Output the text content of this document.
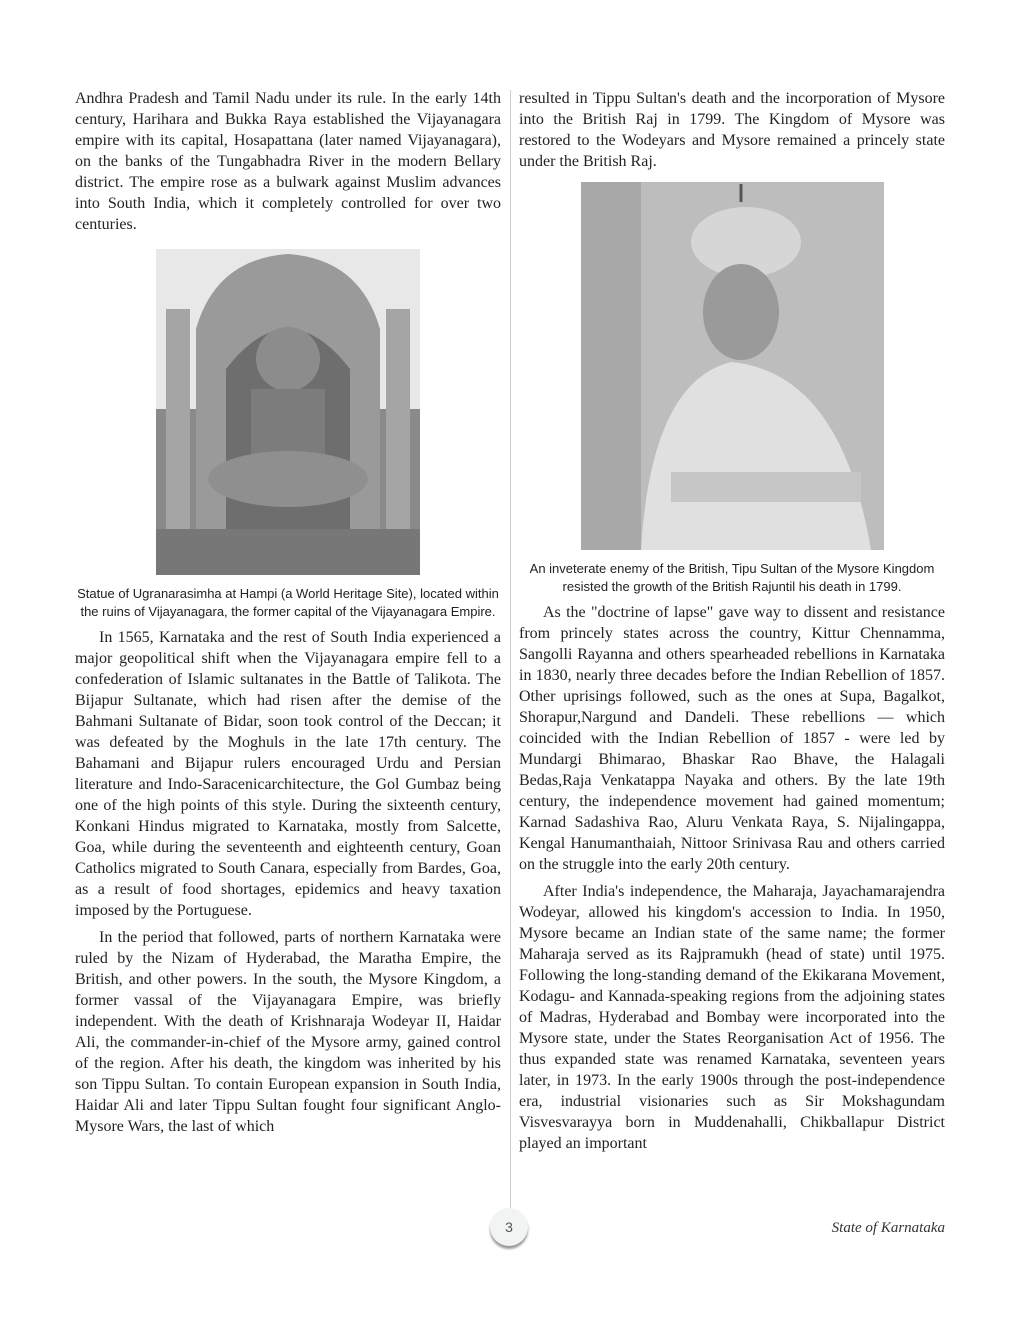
Andhra Pradesh and Tamil Nadu under its rule. In the early 14th century, Harihara and Bukka Raya established the Vijayanagara empire with its capital, Hosapattana (later named Vijayanagara), on the banks of the Tungabhadra River in the modern Bellary district. The empire rose as a bulwark against Muslim advances into South India, which it completely controlled for over two centuries.

Statue of Ugranarasimha at Hampi (a World Heritage Site), located within the ruins of Vijayanagara, the former capital of the Vijayanagara Empire.

In 1565, Karnataka and the rest of South India experienced a major geopolitical shift when the Vijayanagara empire fell to a confederation of Islamic sultanates in the Battle of Talikota. The Bijapur Sultanate, which had risen after the demise of the Bahmani Sultanate of Bidar, soon took control of the Deccan; it was defeated by the Moghuls in the late 17th century. The Bahamani and Bijapur rulers encouraged Urdu and Persian literature and Indo-Saracenicarchitecture, the Gol Gumbaz being one of the high points of this style. During the sixteenth century, Konkani Hindus migrated to Karnataka, mostly from Salcette, Goa, while during the seventeenth and eighteenth century, Goan Catholics migrated to South Canara, especially from Bardes, Goa, as a result of food shortages, epidemics and heavy taxation imposed by the Portuguese.

In the period that followed, parts of northern Karnataka were ruled by the Nizam of Hyderabad, the Maratha Empire, the British, and other powers. In the south, the Mysore Kingdom, a former vassal of the Vijayanagara Empire, was briefly independent. With the death of Krishnaraja Wodeyar II, Haidar Ali, the commander-in-chief of the Mysore army, gained control of the region. After his death, the kingdom was inherited by his son Tippu Sultan. To contain European expansion in South India, Haidar Ali and later Tippu Sultan fought four significant Anglo-Mysore Wars, the last of which

resulted in Tippu Sultan's death and the incorporation of Mysore into the British Raj in 1799. The Kingdom of Mysore was restored to the Wodeyars and Mysore remained a princely state under the British Raj.

An inveterate enemy of the British, Tipu Sultan of the Mysore Kingdom resisted the growth of the British Rajuntil his death in 1799.

As the "doctrine of lapse" gave way to dissent and resistance from princely states across the country, Kittur Chennamma, Sangolli Rayanna and others spearheaded rebellions in Karnataka in 1830, nearly three decades before the Indian Rebellion of 1857. Other uprisings followed, such as the ones at Supa, Bagalkot, Shorapur,Nargund and Dandeli. These rebellions — which coincided with the Indian Rebellion of 1857 - were led by Mundargi Bhimarao, Bhaskar Rao Bhave, the Halagali Bedas,Raja Venkatappa Nayaka and others. By the late 19th century, the independence movement had gained momentum; Karnad Sadashiva Rao, Aluru Venkata Raya, S. Nijalingappa, Kengal Hanumanthaiah, Nittoor Srinivasa Rau and others carried on the struggle into the early 20th century.

After India's independence, the Maharaja, Jayachamarajendra Wodeyar, allowed his kingdom's accession to India. In 1950, Mysore became an Indian state of the same name; the former Maharaja served as its Rajpramukh (head of state) until 1975. Following the long-standing demand of the Ekikarana Movement, Kodagu- and Kannada-speaking regions from the adjoining states of Madras, Hyderabad and Bombay were incorporated into the Mysore state, under the States Reorganisation Act of 1956. The thus expanded state was renamed Karnataka, seventeen years later, in 1973. In the early 1900s through the post-independence era, industrial visionaries such as Sir Mokshagundam Visvesvarayya born in Muddenahalli, Chikballapur District played an important

3	State of Karnataka
